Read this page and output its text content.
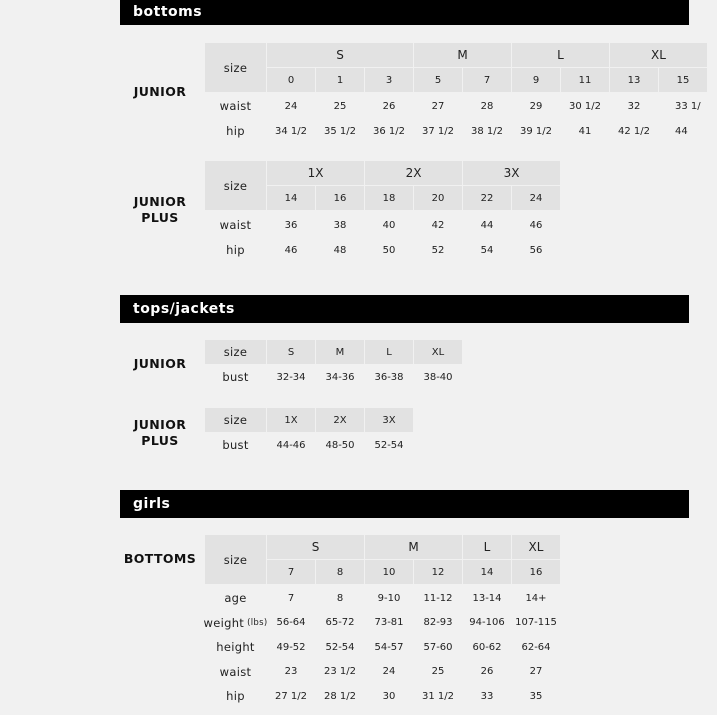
bottoms
JUNIOR
size
S	M	L	XL
0	1	3	5	7	9	11	13	15
waist	24	25	26	27	28	29	30 1/2	32	33 1/
hip	34 1/2	35 1/2	36 1/2	37 1/2	38 1/2	39 1/2	41	42 1/2	44
JUNIOR
PLUS
size
1X	2X	3X
14	16	18	20	22	24
waist	36	38	40	42	44	46
hip	46	48	50	52	54	56
tops/jackets
JUNIOR
size	S	M	L	XL
bust	32-34	34-36	36-38	38-40
JUNIOR
PLUS
size	1X	2X	3X
bust	44-46	48-50	52-54
girls
BOTTOMS	size
S	M	L	XL
7	8	10	12	14	16
age	7	8	9-10	11-12	13-14	14+
weight (lbs) 56-64	65-72	73-81	82-93	94-106	107-115
height	49-52	52-54	54-57	57-60	60-62	62-64
waist	23	23 1/2	24	25	26	27
hip	27 1/2	28 1/2	30	31 1/2	33	35
